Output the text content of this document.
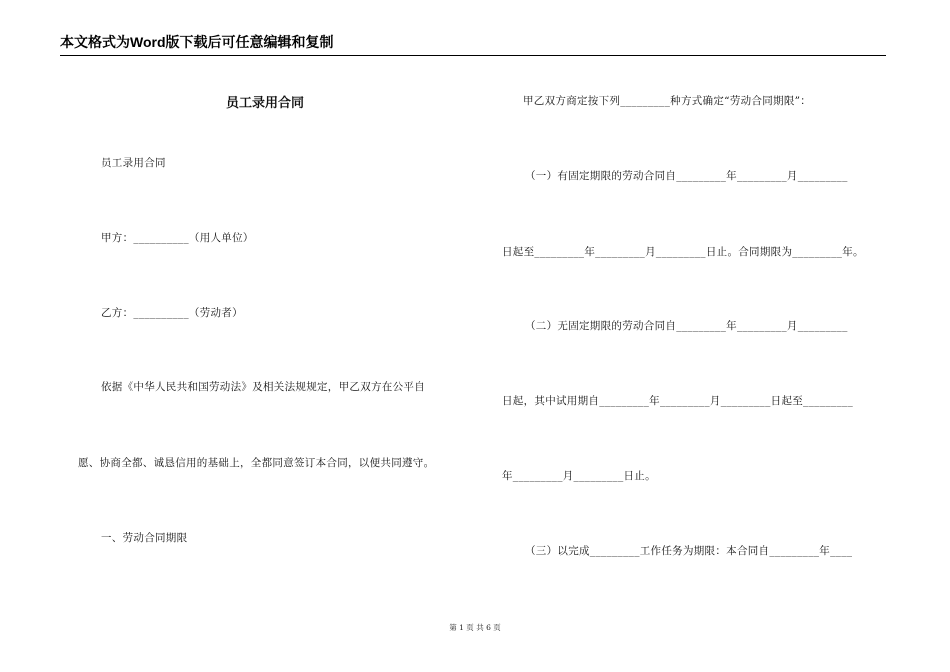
本文格式为Word版下载后可任意编辑和复制
员工录用合同
员工录用合同
甲方：__________（用人单位）
乙方：__________（劳动者）
依据《中华人民共和国劳动法》及相关法规规定，甲乙双方在公平自
愿、协商全都、诚恳信用的基础上，全都同意签订本合同，以便共同遵守。
一、劳动合同期限
甲乙双方商定按下列_________种方式确定“劳动合同期限”：
（一）有固定期限的劳动合同自_________年_________月_________
日起至_________年_________月_________日止。合同期限为_________年。
（二）无固定期限的劳动合同自_________年_________月_________
日起，其中试用期自_________年_________月_________日起至_________
年_________月_________日止。
（三）以完成_________工作任务为期限：本合同自_________年____
第 1 页 共 6 页
